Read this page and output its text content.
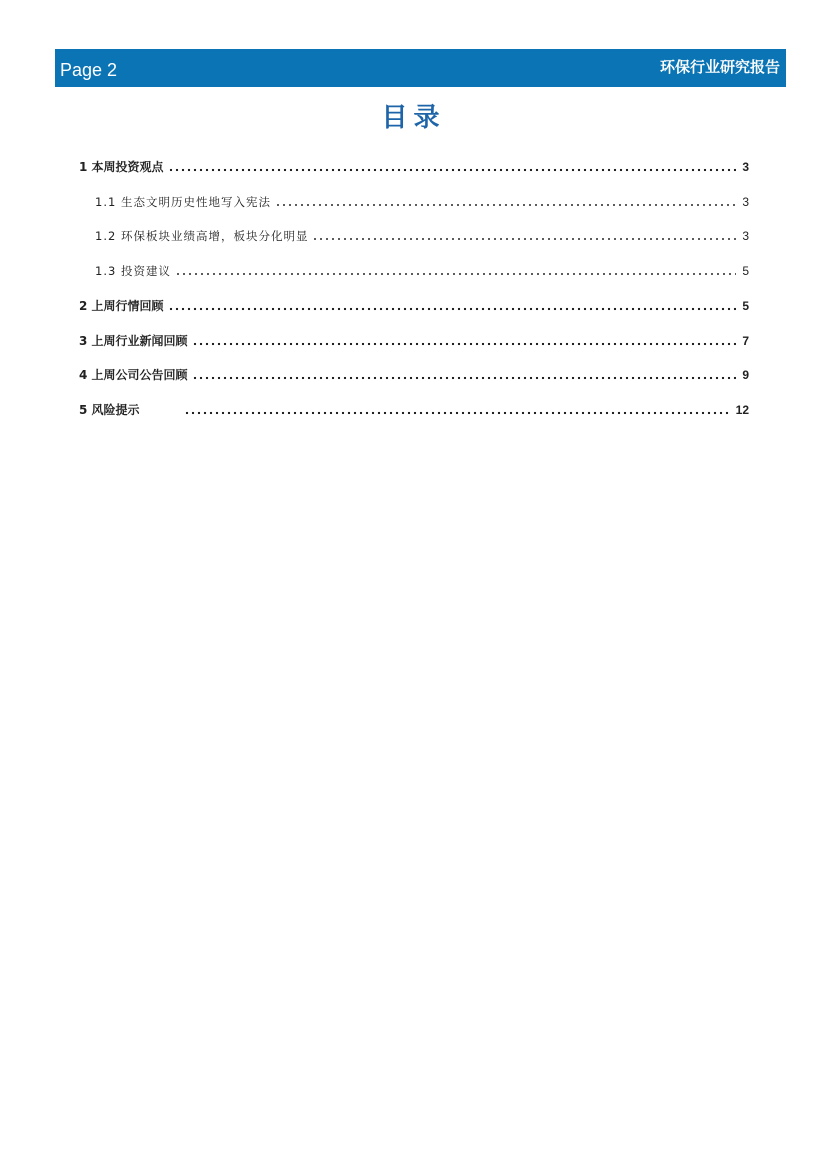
Page 2	环保行业研究报告
目录
1 本周投资观点	3
1.1 生态文明历史性地写入宪法	3
1.2 环保板块业绩高增，板块分化明显	3
1.3 投资建议	5
2 上周行情回顾	5
3 上周行业新闻回顾	7
4 上周公司公告回顾	9
5 风险提示	12
